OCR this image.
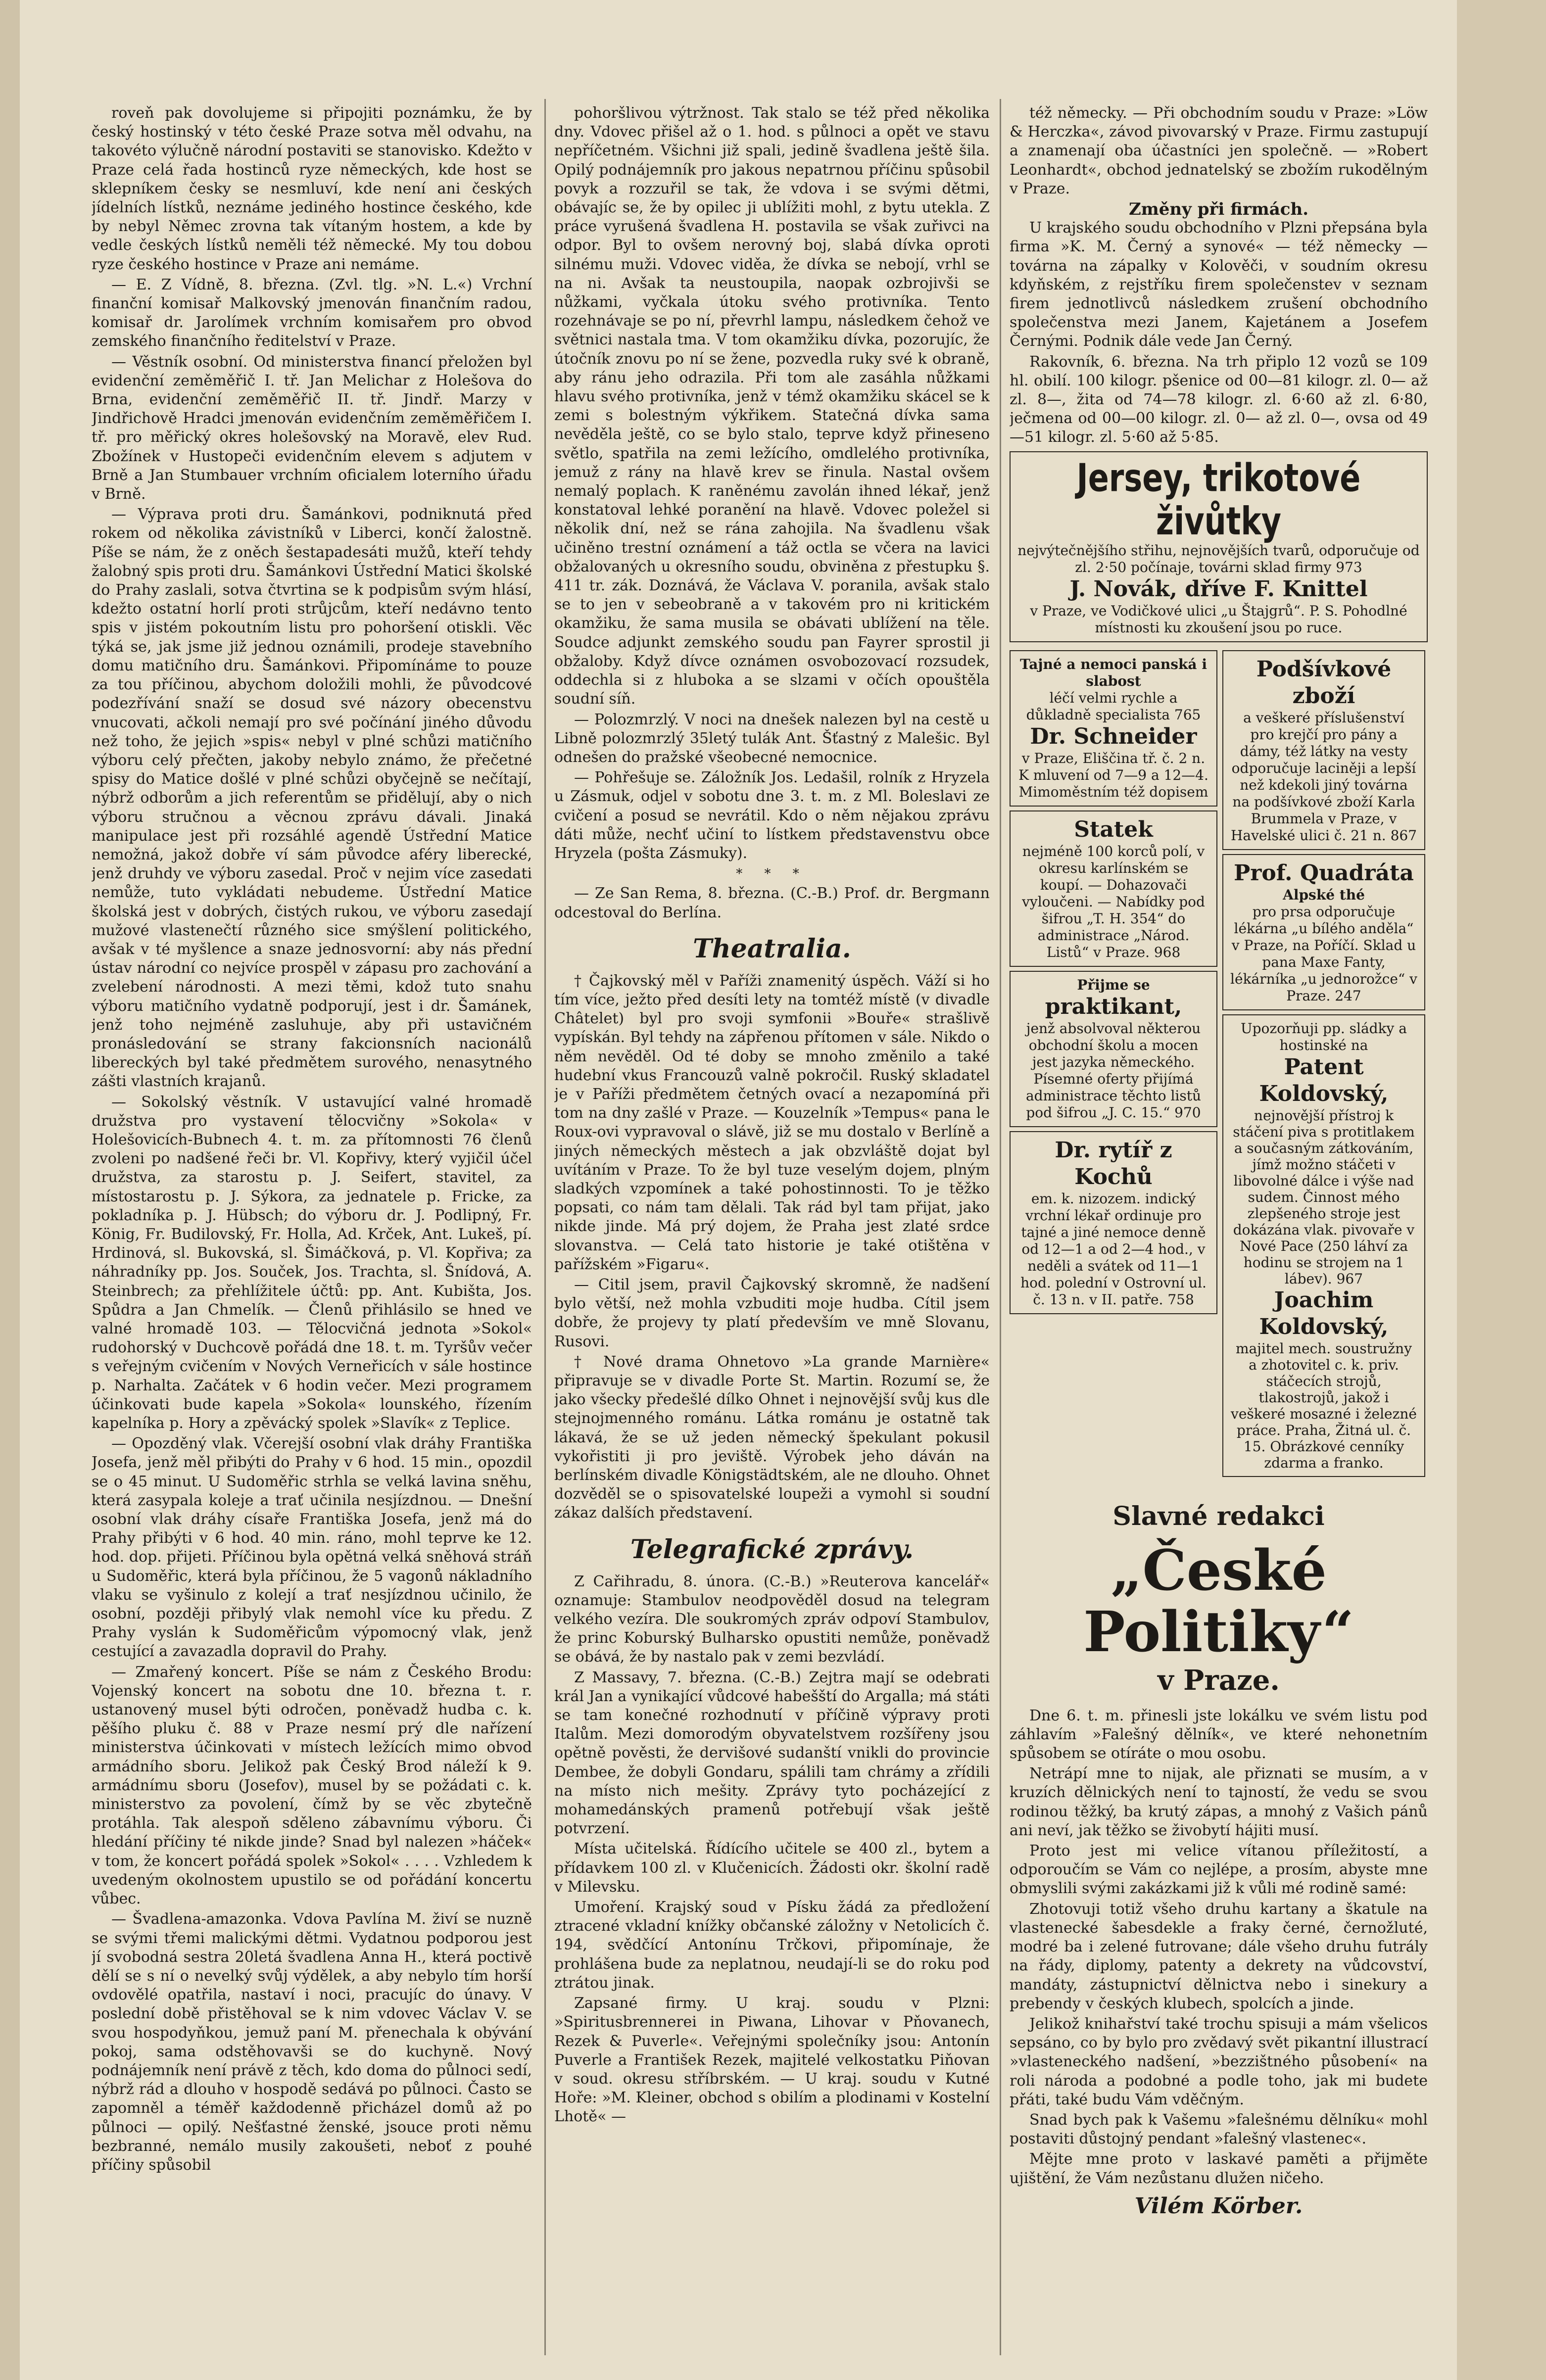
roveň pak dovolujeme si připojiti poznámku, že by český hostinský v této české Praze sotva měl odvahu, na takovéto výlučně národní postaviti se stanovisko. Kdežto v Praze celá řada hostinců ryze německých, kde host se sklepníkem česky se nesmluví, kde není ani českých jídelních lístků, neznáme jediného hostince českého, kde by nebyl Němec zrovna tak vítaným hostem, a kde by vedle českých lístků neměli též německé. My tou dobou ryze českého hostince v Praze ani nemáme.

— E. Z Vídně, 8. března. (Zvl. tlg. »N. L.«) Vrchní finanční komisař Malkovský jmenován finančním radou, komisař dr. Jarolímek vrchním komisařem pro obvod zemského finančního ředitelství v Praze.

— Věstník osobní. Od ministerstva financí přeložen byl evidenční zeměměřič I. tř. Jan Melichar z Holešova do Brna, evidenční zeměměřič II. tř. Jindř. Marzy v Jindřichově Hradci jmenován evidenčním zeměměřičem I. tř. pro měřický okres holešovský na Moravě, elev Rud. Zbožínek v Hustopeči evidenčním elevem s adjutem v Brně a Jan Stumbauer vrchním oficialem loterního úřadu v Brně.

— Výprava proti dru. Šamánkovi, podniknutá před rokem od několika závistníků v Liberci, končí žalostně. Píše se nám, že z oněch šestapadesáti mužů, kteří tehdy žalobný spis proti dru. Šamánkovi Ústřední Matici školské do Prahy zaslali, sotva čtvrtina se k podpisům svým hlásí, kdežto ostatní horlí proti strůjcům, kteří nedávno tento spis v jistém pokoutním listu pro pohoršení otiskli. Věc týká se, jak jsme již jednou oznámili, prodeje stavebního domu matičního dru. Šamánkovi. Připomínáme to pouze za tou příčinou, abychom doložili mohli, že původcové podezřívání snaží se dosud své názory obecenstvu vnucovati, ačkoli nemají pro své počínání jiného důvodu než toho, že jejich »spis« nebyl v plné schůzi matičního výboru celý přečten, jakoby nebylo známo, že přečetné spisy do Matice došlé v plné schůzi obyčejně se nečítají, nýbrž odborům a jich referentům se přidělují, aby o nich výboru stručnou a věcnou zprávu dávali. Jinaká manipulace jest při rozsáhlé agendě Ústřední Matice nemožná, jakož dobře ví sám původce aféry liberecké, jenž druhdy ve výboru zasedal. Proč v nejim více zasedati nemůže, tuto vykládati nebudeme. Ústřední Matice školská jest v dobrých, čistých rukou, ve výboru zasedají mužové vlastenečtí různého sice smýšlení politického, avšak v té myšlence a snaze jednosvorní: aby nás přední ústav národní co nejvíce prospěl v zápasu pro zachování a zvelebení národnosti. A mezi těmi, kdož tuto snahu výboru matičního vydatně podporují, jest i dr. Šamánek, jenž toho nejméně zasluhuje, aby při ustavičném pronásledování se strany fakcionsních nacionálů libereckých byl také předmětem surového, nenasytného zášti vlastních krajanů.

— Sokolský věstník. V ustavující valné hromadě družstva pro vystavení tělocvičny »Sokola« v Holešovicích-Bubnech 4. t. m. za přítomnosti 76 členů zvoleni po nadšené řeči br. Vl. Kopřivy, který vyjičil účel družstva, za starostu p. J. Seifert, stavitel, za místostarostu p. J. Sýkora, za jednatele p. Fricke, za pokladníka p. J. Hübsch; do výboru dr. J. Podlipný, Fr. König, Fr. Budilovský, Fr. Holla, Ad. Krček, Ant. Lukeš, pí. Hrdinová, sl. Bukovská, sl. Šimáčková, p. Vl. Kopřiva; za náhradníky pp. Jos. Souček, Jos. Trachta, sl. Šnídová, A. Steinbrech; za přehlížitele účtů: pp. Ant. Kubišta, Jos. Spůdra a Jan Chmelík. — Členů přihlásilo se hned ve valné hromadě 103. — Tělocvičná jednota »Sokol« rudohorský v Duchcově pořádá dne 18. t. m. Tyršův večer s veřejným cvičením v Nových Verneřicích v sále hostince p. Narhalta. Začátek v 6 hodin večer. Mezi programem účinkovati bude kapela »Sokola« lounského, řízením kapelníka p. Hory a zpěvácký spolek »Slavík« z Teplice.

— Opozděný vlak. Včerejší osobní vlak dráhy Františka Josefa, jenž měl přibýti do Prahy v 6 hod. 15 min., opozdil se o 45 minut. U Sudoměřic strhla se velká lavina sněhu, která zasypala koleje a trať učinila nesjízdnou. — Dnešní osobní vlak dráhy císaře Františka Josefa, jenž má do Prahy přibýti v 6 hod. 40 min. ráno, mohl teprve ke 12. hod. dop. přijeti. Příčinou byla opětná velká sněhová stráň u Sudoměřic, která byla příčinou, že 5 vagonů nákladního vlaku se vyšinulo z kolejí a trať nesjízdnou učinilo, že osobní, později přibylý vlak nemohl více ku předu. Z Prahy vyslán k Sudoměřicům výpomocný vlak, jenž cestující a zavazadla dopravil do Prahy.

— Zmařený koncert. Píše se nám z Českého Brodu: Vojenský koncert na sobotu dne 10. března t. r. ustanovený musel býti odročen, poněvadž hudba c. k. pěšího pluku č. 88 v Praze nesmí prý dle nařízení ministerstva účinkovati v místech ležících mimo obvod armádního sboru. Jelikož pak Český Brod náleží k 9. armádnímu sboru (Josefov), musel by se požádati c. k. ministerstvo za povolení, čímž by se věc zbytečně protáhla. Tak alespoň sděleno zábavnímu výboru. Či hledání příčiny té nikde jinde? Snad byl nalezen »háček« v tom, že koncert pořádá spolek »Sokol« . . . . Vzhledem k uvedeným okolnostem upustilo se od pořádání koncertu vůbec.

— Švadlena-amazonka. Vdova Pavlína M. živí se nuzně se svými třemi malickými dětmi. Vydatnou podporou jest jí svobodná sestra 20letá švadlena Anna H., která poctivě dělí se s ní o nevelký svůj výdělek, a aby nebylo tím horší ovdovělé opatřila, nastaví i noci, pracujíc do únavy. V poslední době přistěhoval se k nim vdovec Václav V. se svou hospodyňkou, jemuž paní M. přenechala k obývání pokoj, sama odstěhovavši se do kuchyně. Nový podnájemník není právě z těch, kdo doma do půlnoci sedí, nýbrž rád a dlouho v hospodě sedává po půlnoci. Často se zapomněl a téměř každodenně přicházel domů až po půlnoci — opilý. Nešťastné ženské, jsouce proti němu bezbranné, nemálo musily zakoušeti, neboť z pouhé příčiny spůsobil

pohoršlivou výtržnost. Tak stalo se též před několika dny. Vdovec přišel až o 1. hod. s půlnoci a opět ve stavu nepříčetném. Všichni již spali, jedině švadlena ještě šila. Opilý podnájemník pro jakous nepatrnou příčinu spůsobil povyk a rozzuřil se tak, že vdova i se svými dětmi, obávajíc se, že by opilec ji ublížiti mohl, z bytu utekla. Z práce vyrušená švadlena H. postavila se však zuřivci na odpor. Byl to ovšem nerovný boj, slabá dívka oproti silnému muži. Vdovec viděa, že dívka se nebojí, vrhl se na ni. Avšak ta neustoupila, naopak ozbrojivši se nůžkami, vyčkala útoku svého protivníka. Tento rozehnávaje se po ní, převrhl lampu, následkem čehož ve světnici nastala tma. V tom okamžiku dívka, pozorujíc, že útočník znovu po ní se žene, pozvedla ruky své k obraně, aby ránu jeho odrazila. Při tom ale zasáhla nůžkami hlavu svého protivníka, jenž v témž okamžiku skácel se k zemi s bolestným výkřikem. Statečná dívka sama nevěděla ještě, co se bylo stalo, teprve když přineseno světlo, spatřila na zemi ležícího, omdlelého protivníka, jemuž z rány na hlavě krev se řinula. Nastal ovšem nemalý poplach. K raněnému zavolán ihned lékař, jenž konstatoval lehké poranění na hlavě. Vdovec poležel si několik dní, než se rána zahojila. Na švadlenu však učiněno trestní oznámení a táž octla se včera na lavici obžalovaných u okresního soudu, obviněna z přestupku §. 411 tr. zák. Doznává, že Václava V. poranila, avšak stalo se to jen v sebeobraně a v takovém pro ni kritickém okamžiku, že sama musila se obávati ublížení na těle. Soudce adjunkt zemského soudu pan Fayrer sprostil ji obžaloby. Když dívce oznámen osvobozovací rozsudek, oddechla si z hluboka a se slzami v očích opouštěla soudní síň.

— Polozmrzlý. V noci na dnešek nalezen byl na cestě u Libně polozmrzlý 35letý tulák Ant. Šťastný z Malešic. Byl odnešen do pražské všeobecné nemocnice.

— Pohřešuje se. Záložník Jos. Ledašil, rolník z Hryzela u Zásmuk, odjel v sobotu dne 3. t. m. z Ml. Boleslavi ze cvičení a posud se nevrátil. Kdo o něm nějakou zprávu dáti může, nechť učiní to lístkem představenstvu obce Hryzela (pošta Zásmuky).

* * *

— Ze San Rema, 8. března. (C.-B.) Prof. dr. Bergmann odcestoval do Berlína.

Theatralia.

† Čajkovský měl v Paříži znamenitý úspěch. Váží si ho tím více, ježto před desíti lety na tomtéž místě (v divadle Châtelet) byl pro svoji symfonii »Bouře« strašlivě vypískán. Byl tehdy na zápřenou přítomen v sále. Nikdo o něm nevěděl. Od té doby se mnoho změnilo a také hudební vkus Francouzů valně pokročil. Ruský skladatel je v Paříži předmětem četných ovací a nezapomíná při tom na dny zašlé v Praze. — Kouzelník »Tempus« pana le Roux-ovi vypravoval o slávě, již se mu dostalo v Berlíně a jiných německých městech a jak obzvláště dojat byl uvítáním v Praze. To že byl tuze veselým dojem, plným sladkých vzpomínek a také pohostinnosti. To je těžko popsati, co nám tam dělali. Tak rád byl tam přijat, jako nikde jinde. Má prý dojem, že Praha jest zlaté srdce slovanstva. — Celá tato historie je také otištěna v pařížském »Figaru«.

— Citil jsem, pravil Čajkovský skromně, že nadšení bylo větší, než mohla vzbuditi moje hudba. Cítil jsem dobře, že projevy ty platí především ve mně Slovanu, Rusovi.

† Nové drama Ohnetovo »La grande Marnière« připravuje se v divadle Porte St. Martin. Rozumí se, že jako všecky předešlé dílko Ohnet i nejnovější svůj kus dle stejnojmenného románu. Látka románu je ostatně tak lákavá, že se už jeden německý špekulant pokusil vykořistiti ji pro jeviště. Výrobek jeho dáván na berlínském divadle Königstädtském, ale ne dlouho. Ohnet dozvěděl se o spisovatelské loupeži a vymohl si soudní zákaz dalších představení.

Telegrafické zprávy.

Z Cařihradu, 8. února. (C.-B.) »Reuterova kancelář« oznamuje: Stambulov neodpověděl dosud na telegram velkého vezíra. Dle soukromých zpráv odpoví Stambulov, že princ Koburský Bulharsko opustiti nemůže, poněvadž se obává, že by nastalo pak v zemi bezvládí.

Z Massavy, 7. března. (C.-B.) Zejtra mají se odebrati král Jan a vynikající vůdcové habešští do Argalla; má státi se tam konečné rozhodnutí v příčině výpravy proti Italům. Mezi domorodým obyvatelstvem rozšířeny jsou opětně pověsti, že dervišové sudanští vnikli do provincie Dembee, že dobyli Gondaru, spálili tam chrámy a zřídili na místo nich mešity. Zprávy tyto pocházející z mohamedánských pramenů potřebují však ještě potvrzení.

Místa učitelská. Řídícího učitele se 400 zl., bytem a přídavkem 100 zl. v Klučenicích. Žádosti okr. školní radě v Milevsku.

Umoření. Krajský soud v Písku žádá za předložení ztracené vkladní knížky občanské záložny v Netolicích č. 194, svědčící Antonínu Trčkovi, připomínaje, že prohlášena bude za neplatnou, neudají-li se do roku pod ztrátou jinak.

Zapsané firmy. U kraj. soudu v Plzni: »Spiritusbrennerei in Piwana, Lihovar v Pňovanech, Rezek & Puverle«. Veřejnými společníky jsou: Antonín Puverle a František Rezek, majitelé velkostatku Piňovan v soud. okresu stříbrském. — U kraj. soudu v Kutné Hoře: »M. Kleiner, obchod s obilím a plodinami v Kostelní Lhotě« —

též německy. — Při obchodním soudu v Praze: »Löw & Herczka«, závod pivovarský v Praze. Firmu zastupují a znamenají oba účastníci jen společně. — »Robert Leonhardt«, obchod jednatelský se zbožím rukodělným v Praze.

Změny při firmách.

U krajského soudu obchodního v Plzni přepsána byla firma »K. M. Černý a synové« — též německy — továrna na zápalky v Kolověči, v soudním okresu kdyňském, z rejstříku firem společenstev v seznam firem jednotlivců následkem zrušení obchodního společenstva mezi Janem, Kajetánem a Josefem Černými. Podnik dále vede Jan Černý.

Rakovník, 6. března. Na trh připlo 12 vozů se 109 hl. obilí. 100 kilogr. pšenice od 00—81 kilogr. zl. 0— až zl. 8—, žita od 74—78 kilogr. zl. 6·60 až zl. 6·80, ječmena od 00—00 kilogr. zl. 0— až zl. 0—, ovsa od 49—51 kilogr. zl. 5·60 až 5·85.

Jersey, trikotové živůtky
nejvýtečnějšího střihu, nejnovějších tvarů, odporučuje od zl. 2·50 počínaje, továrni sklad firmy 973
J. Novák, dříve F. Knittel
v Praze, ve Vodičkové ulici „u Štajgrů“. P. S. Pohodlné místnosti ku zkoušení jsou po ruce.
Tajné a nemoci panská i slabost
léčí velmi rychle a důkladně specialista 765
Dr. Schneider
v Praze, Eliščina tř. č. 2 n. K mluvení od 7—9 a 12—4. Mimoměstním též dopisem
Statek
nejméně 100 korců polí, v okresu karlínském se koupí. — Dohazovači vyloučeni. — Nabídky pod šifrou „T. H. 354“ do administrace „Národ. Listů“ v Praze. 968
Přijme se
praktikant,
jenž absolvoval některou obchodní školu a mocen jest jazyka německého. Písemné oferty přijímá administrace těchto listů pod šifrou „J. C. 15.“ 970
Dr. rytíř z Kochů
em. k. nizozem. indický vrchní lékař ordinuje pro tajné a jiné nemoce denně od 12—1 a od 2—4 hod., v neděli a svátek od 11—1 hod. polední v Ostrovní ul. č. 13 n. v II. patře. 758
Podšívkové zboží
a veškeré příslušenství pro krejčí pro pány a dámy, též látky na vesty odporučuje laciněji a lepší než kdekoli jiný továrna na podšívkové zboží Karla Brummela v Praze, v Havelské ulici č. 21 n. 867
Prof. Quadráta
Alpské thé
pro prsa odporučuje lékárna „u bílého anděla“ v Praze, na Poříčí. Sklad u pana Maxe Fanty, lékárníka „u jednorožce“ v Praze. 247
Upozorňuji pp. sládky a hostinské na
Patent Koldovský,
nejnovější přístroj k stáčení piva s protitlakem a současným zátkováním, jímž možno stáčeti v libovolné dálce i výše nad sudem. Činnost mého zlepšeného stroje jest dokázána vlak. pivovaře v Nové Pace (250 láhví za hodinu se strojem na 1 lábev). 967
Joachim Koldovský,
majitel mech. soustružny a zhotovitel c. k. priv. stáčecích strojů, tlakostrojů, jakož i veškeré mosazné i železné práce. Praha, Žitná ul. č. 15. Obrázkové cenníky zdarma a franko.
Slavné redakci
„České Politiky“
v Praze.

Dne 6. t. m. přinesli jste lokálku ve svém listu pod záhlavím »Falešný dělník«, ve které nehonetním spůsobem se otíráte o mou osobu.

Netrápí mne to nijak, ale přiznati se musím, a v kruzích dělnických není to tajností, že vedu se svou rodinou těžký, ba krutý zápas, a mnohý z Vašich pánů ani neví, jak těžko se živobytí hájiti musí.

Proto jest mi velice vítanou příležitostí, a odporoučím se Vám co nejlépe, a prosím, abyste mne obmyslili svými zakázkami již k vůli mé rodině samé:

Zhotovuji totiž všeho druhu kartany a škatule na vlastenecké šabesdekle a fraky černé, černožluté, modré ba i zelené futrovane; dále všeho druhu futrály na řády, diplomy, patenty a dekrety na vůdcovství, mandáty, zástupnictví dělnictva nebo i sinekury a prebendy v českých klubech, spolcích a jinde.

Jelikož knihařství také trochu spisuji a mám všelicos sepsáno, co by bylo pro zvědavý svět pikantní illustrací »vlasteneckého nadšení, »bezzištného působení« na roli národa a podobné a podle toho, jak mi budete přáti, také budu Vám vděčným.

Snad bych pak k Vašemu »falešnému dělníku« mohl postaviti důstojný pendant »falešný vlastenec«.

Mějte mne proto v laskavé paměti a přijměte ujištění, že Vám nezůstanu dlužen ničeho.

Vilém Körber.
